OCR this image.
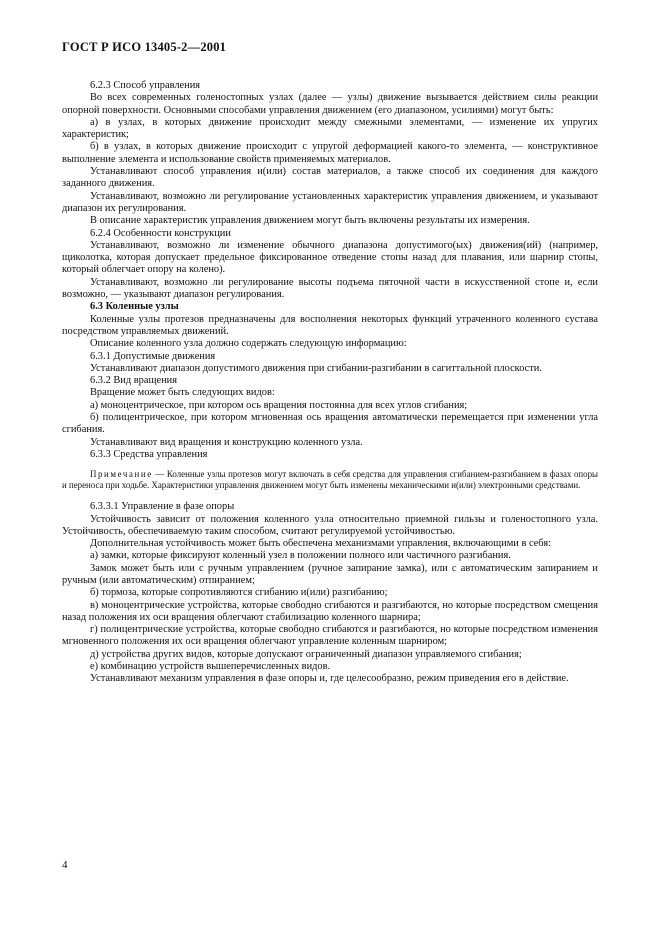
ГОСТ Р ИСО 13405-2—2001

6.2.3 Способ управления

Во всех современных голеностопных узлах (далее — узлы) движение вызывается действием силы реакции опорной поверхности. Основными способами управления движением (его диапазоном, усилиями) могут быть:

а) в узлах, в которых движение происходит между смежными элементами, — изменение их упругих характеристик;

б) в узлах, в которых движение происходит с упругой деформацией какого-то элемента, — конструктивное выполнение элемента и использование свойств применяемых материалов.

Устанавливают способ управления и(или) состав материалов, а также способ их соединения для каждого заданного движения.

Устанавливают, возможно ли регулирование установленных характеристик управления движением, и указывают диапазон их регулирования.

В описание характеристик управления движением могут быть включены результаты их измерения.

6.2.4 Особенности конструкции

Устанавливают, возможно ли изменение обычного диапазона допустимого(ых) движения(ий) (например, щиколотка, которая допускает предельное фиксированное отведение стопы назад для плавания, или шарнир стопы, который облегчает опору на колено).

Устанавливают, возможно ли регулирование высоты подъема пяточной части в искусственной стопе и, если возможно, — указывают диапазон регулирования.

6.3 Коленные узлы

Коленные узлы протезов предназначены для восполнения некоторых функций утраченного коленного сустава посредством управляемых движений.

Описание коленного узла должно содержать следующую информацию:

6.3.1 Допустимые движения

Устанавливают диапазон допустимого движения при сгибании-разгибании в сагиттальной плоскости.

6.3.2 Вид вращения

Вращение может быть следующих видов:

а) моноцентрическое, при котором ось вращения постоянна для всех углов сгибания;

б) полицентрическое, при котором мгновенная ось вращения автоматически перемещается при изменении угла сгибания.

Устанавливают вид вращения и конструкцию коленного узла.

6.3.3 Средства управления

Примечание — Коленные узлы протезов могут включать в себя средства для управления сгибанием-разгибанием в фазах опоры и переноса при ходьбе. Характеристики управления движением могут быть изменены механическими и(или) электронными средствами.

6.3.3.1 Управление в фазе опоры

Устойчивость зависит от положения коленного узла относительно приемной гильзы и голеностопного узла. Устойчивость, обеспечиваемую таким способом, считают регулируемой устойчивостью.

Дополнительная устойчивость может быть обеспечена механизмами управления, включающими в себя:

а) замки, которые фиксируют коленный узел в положении полного или частичного разгибания.

Замок может быть или с ручным управлением (ручное запирание замка), или с автоматическим запиранием и ручным (или автоматическим) отпиранием;

б) тормоза, которые сопротивляются сгибанию и(или) разгибанию;

в) моноцентрические устройства, которые свободно сгибаются и разгибаются, но которые посредством смещения назад положения их оси вращения облегчают стабилизацию коленного шарнира;

г) полицентрические устройства, которые свободно сгибаются и разгибаются, но которые посредством изменения мгновенного положения их оси вращения облегчают управление коленным шарниром;

д) устройства других видов, которые допускают ограниченный диапазон управляемого сгибания;

е) комбинацию устройств вышеперечисленных видов.

Устанавливают механизм управления в фазе опоры и, где целесообразно, режим приведения его в действие.

4
